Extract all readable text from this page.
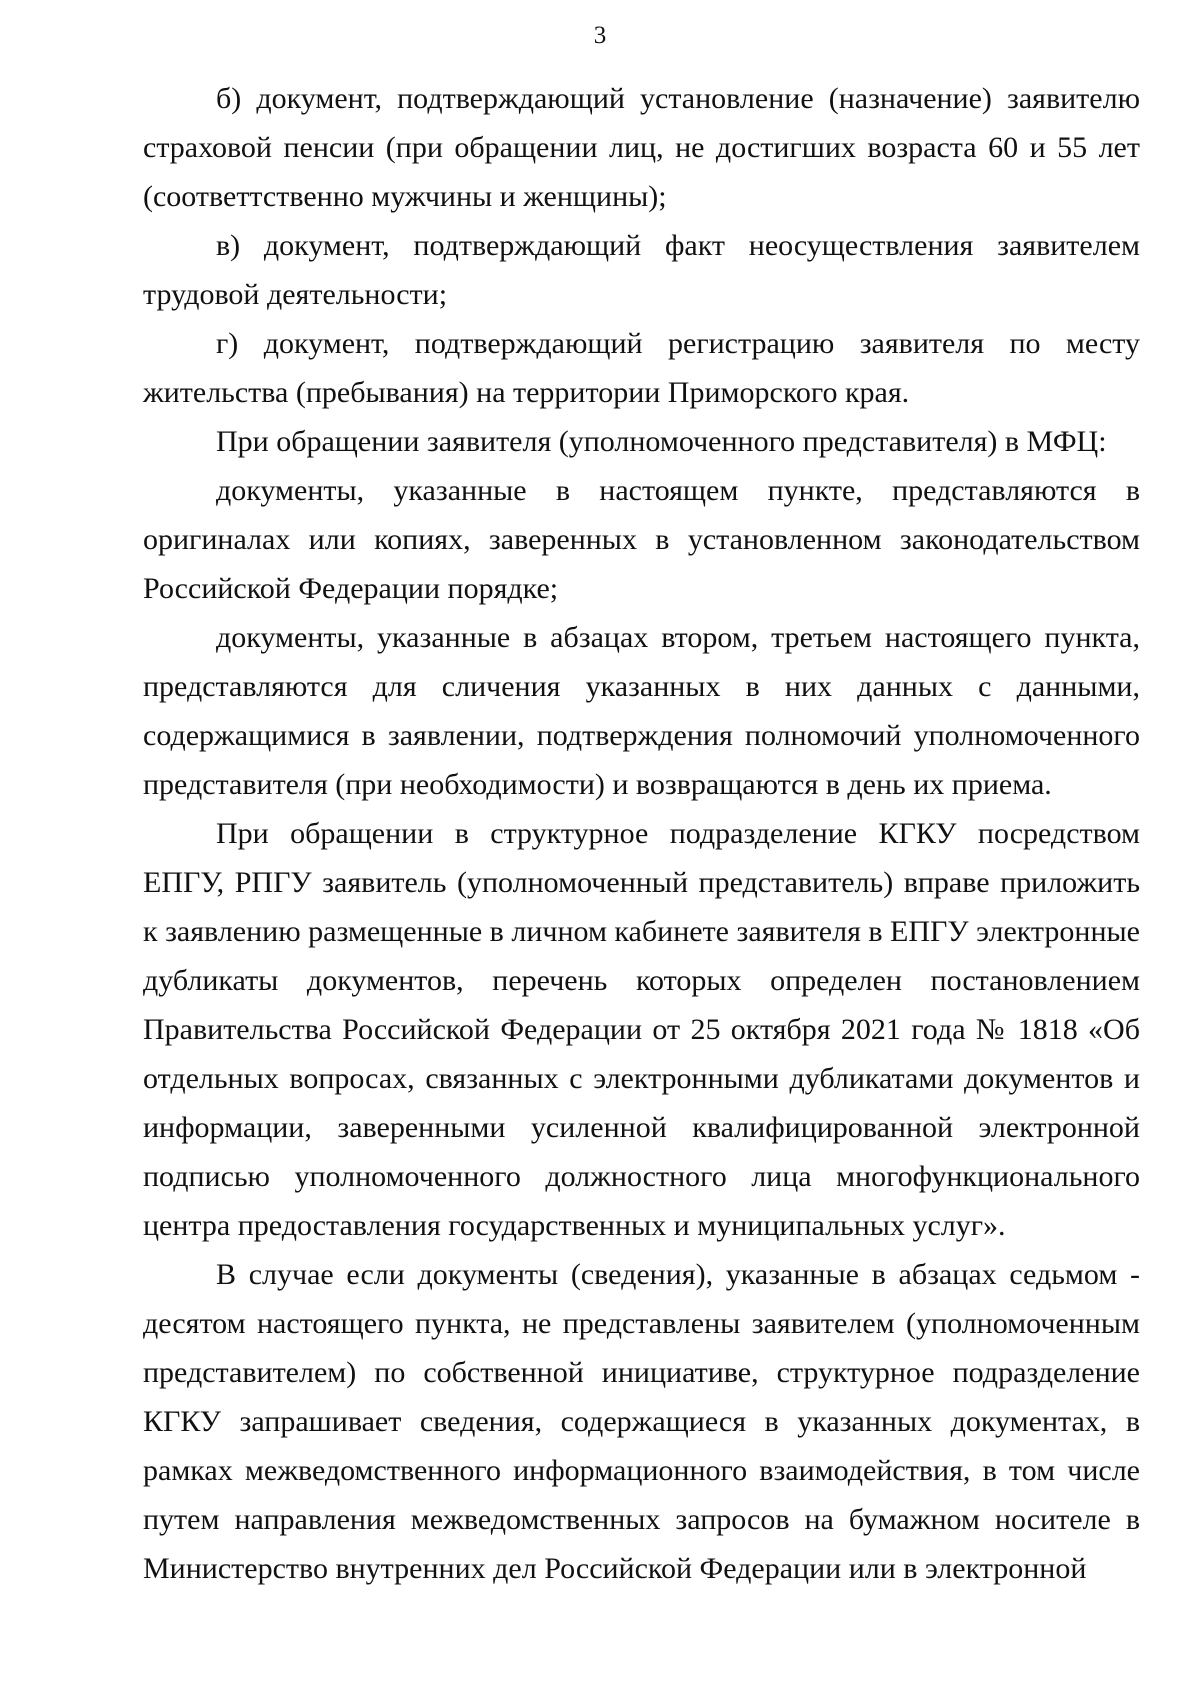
3

б) документ, подтверждающий установление (назначение) заявителю страховой пенсии (при обращении лиц, не достигших возраста 60 и 55 лет (соответтственно мужчины и женщины);

в) документ, подтверждающий факт неосуществления заявителем трудовой деятельности;

г) документ, подтверждающий регистрацию заявителя по месту жительства (пребывания) на территории Приморского края.

При обращении заявителя (уполномоченного представителя) в МФЦ:

документы, указанные в настоящем пункте, представляются в оригиналах или копиях, заверенных в установленном законодательством Российской Федерации порядке;

документы, указанные в абзацах втором, третьем настоящего пункта, представляются для сличения указанных в них данных с данными, содержащимися в заявлении, подтверждения полномочий уполномоченного представителя (при необходимости) и возвращаются в день их приема.

При обращении в структурное подразделение КГКУ посредством ЕПГУ, РПГУ заявитель (уполномоченный представитель) вправе приложить к заявлению размещенные в личном кабинете заявителя в ЕПГУ электронные дубликаты документов, перечень которых определен постановлением Правительства Российской Федерации от 25 октября 2021 года № 1818 «Об отдельных вопросах, связанных с электронными дубликатами документов и информации, заверенными усиленной квалифицированной электронной подписью уполномоченного должностного лица многофункционального центра предоставления государственных и муниципальных услуг».

В случае если документы (сведения), указанные в абзацах седьмом - десятом настоящего пункта, не представлены заявителем (уполномоченным представителем) по собственной инициативе, структурное подразделение КГКУ запрашивает сведения, содержащиеся в указанных документах, в рамках межведомственного информационного взаимодействия, в том числе путем направления межведомственных запросов на бумажном носителе в Министерство внутренних дел Российской Федерации или в электронной
